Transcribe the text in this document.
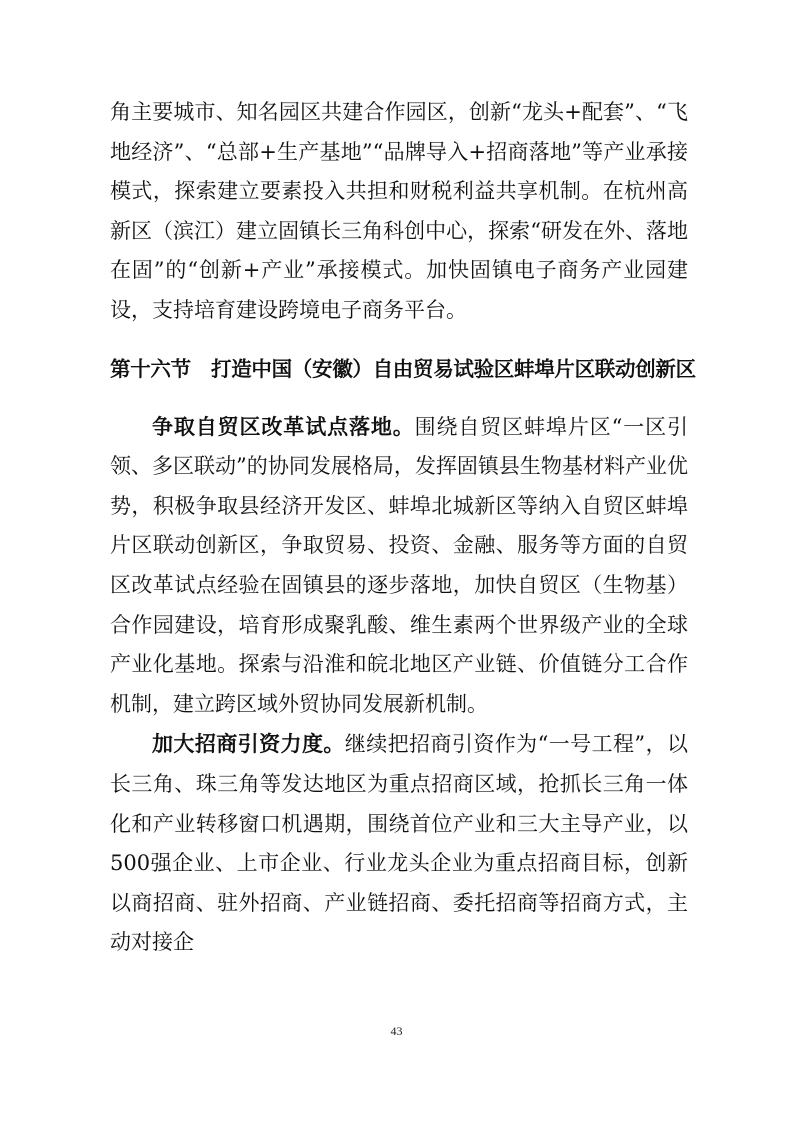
角主要城市、知名园区共建合作园区，创新“龙头+配套”、“飞地经济”、“总部+生产基地”“品牌导入+招商落地”等产业承接模式，探索建立要素投入共担和财税利益共享机制。在杭州高新区（滨江）建立固镇长三角科创中心，探索“研发在外、落地在固”的“创新+产业”承接模式。加快固镇电子商务产业园建设，支持培育建设跨境电子商务平台。

第十六节　打造中国（安徽）自由贸易试验区蚌埠片区联动创新区

争取自贸区改革试点落地。围绕自贸区蚌埠片区“一区引领、多区联动”的协同发展格局，发挥固镇县生物基材料产业优势，积极争取县经济开发区、蚌埠北城新区等纳入自贸区蚌埠片区联动创新区，争取贸易、投资、金融、服务等方面的自贸区改革试点经验在固镇县的逐步落地，加快自贸区（生物基）合作园建设，培育形成聚乳酸、维生素两个世界级产业的全球产业化基地。探索与沿淮和皖北地区产业链、价值链分工合作机制，建立跨区域外贸协同发展新机制。

加大招商引资力度。继续把招商引资作为“一号工程”，以长三角、珠三角等发达地区为重点招商区域，抢抓长三角一体化和产业转移窗口机遇期，围绕首位产业和三大主导产业，以500强企业、上市企业、行业龙头企业为重点招商目标，创新以商招商、驻外招商、产业链招商、委托招商等招商方式，主动对接企

43
